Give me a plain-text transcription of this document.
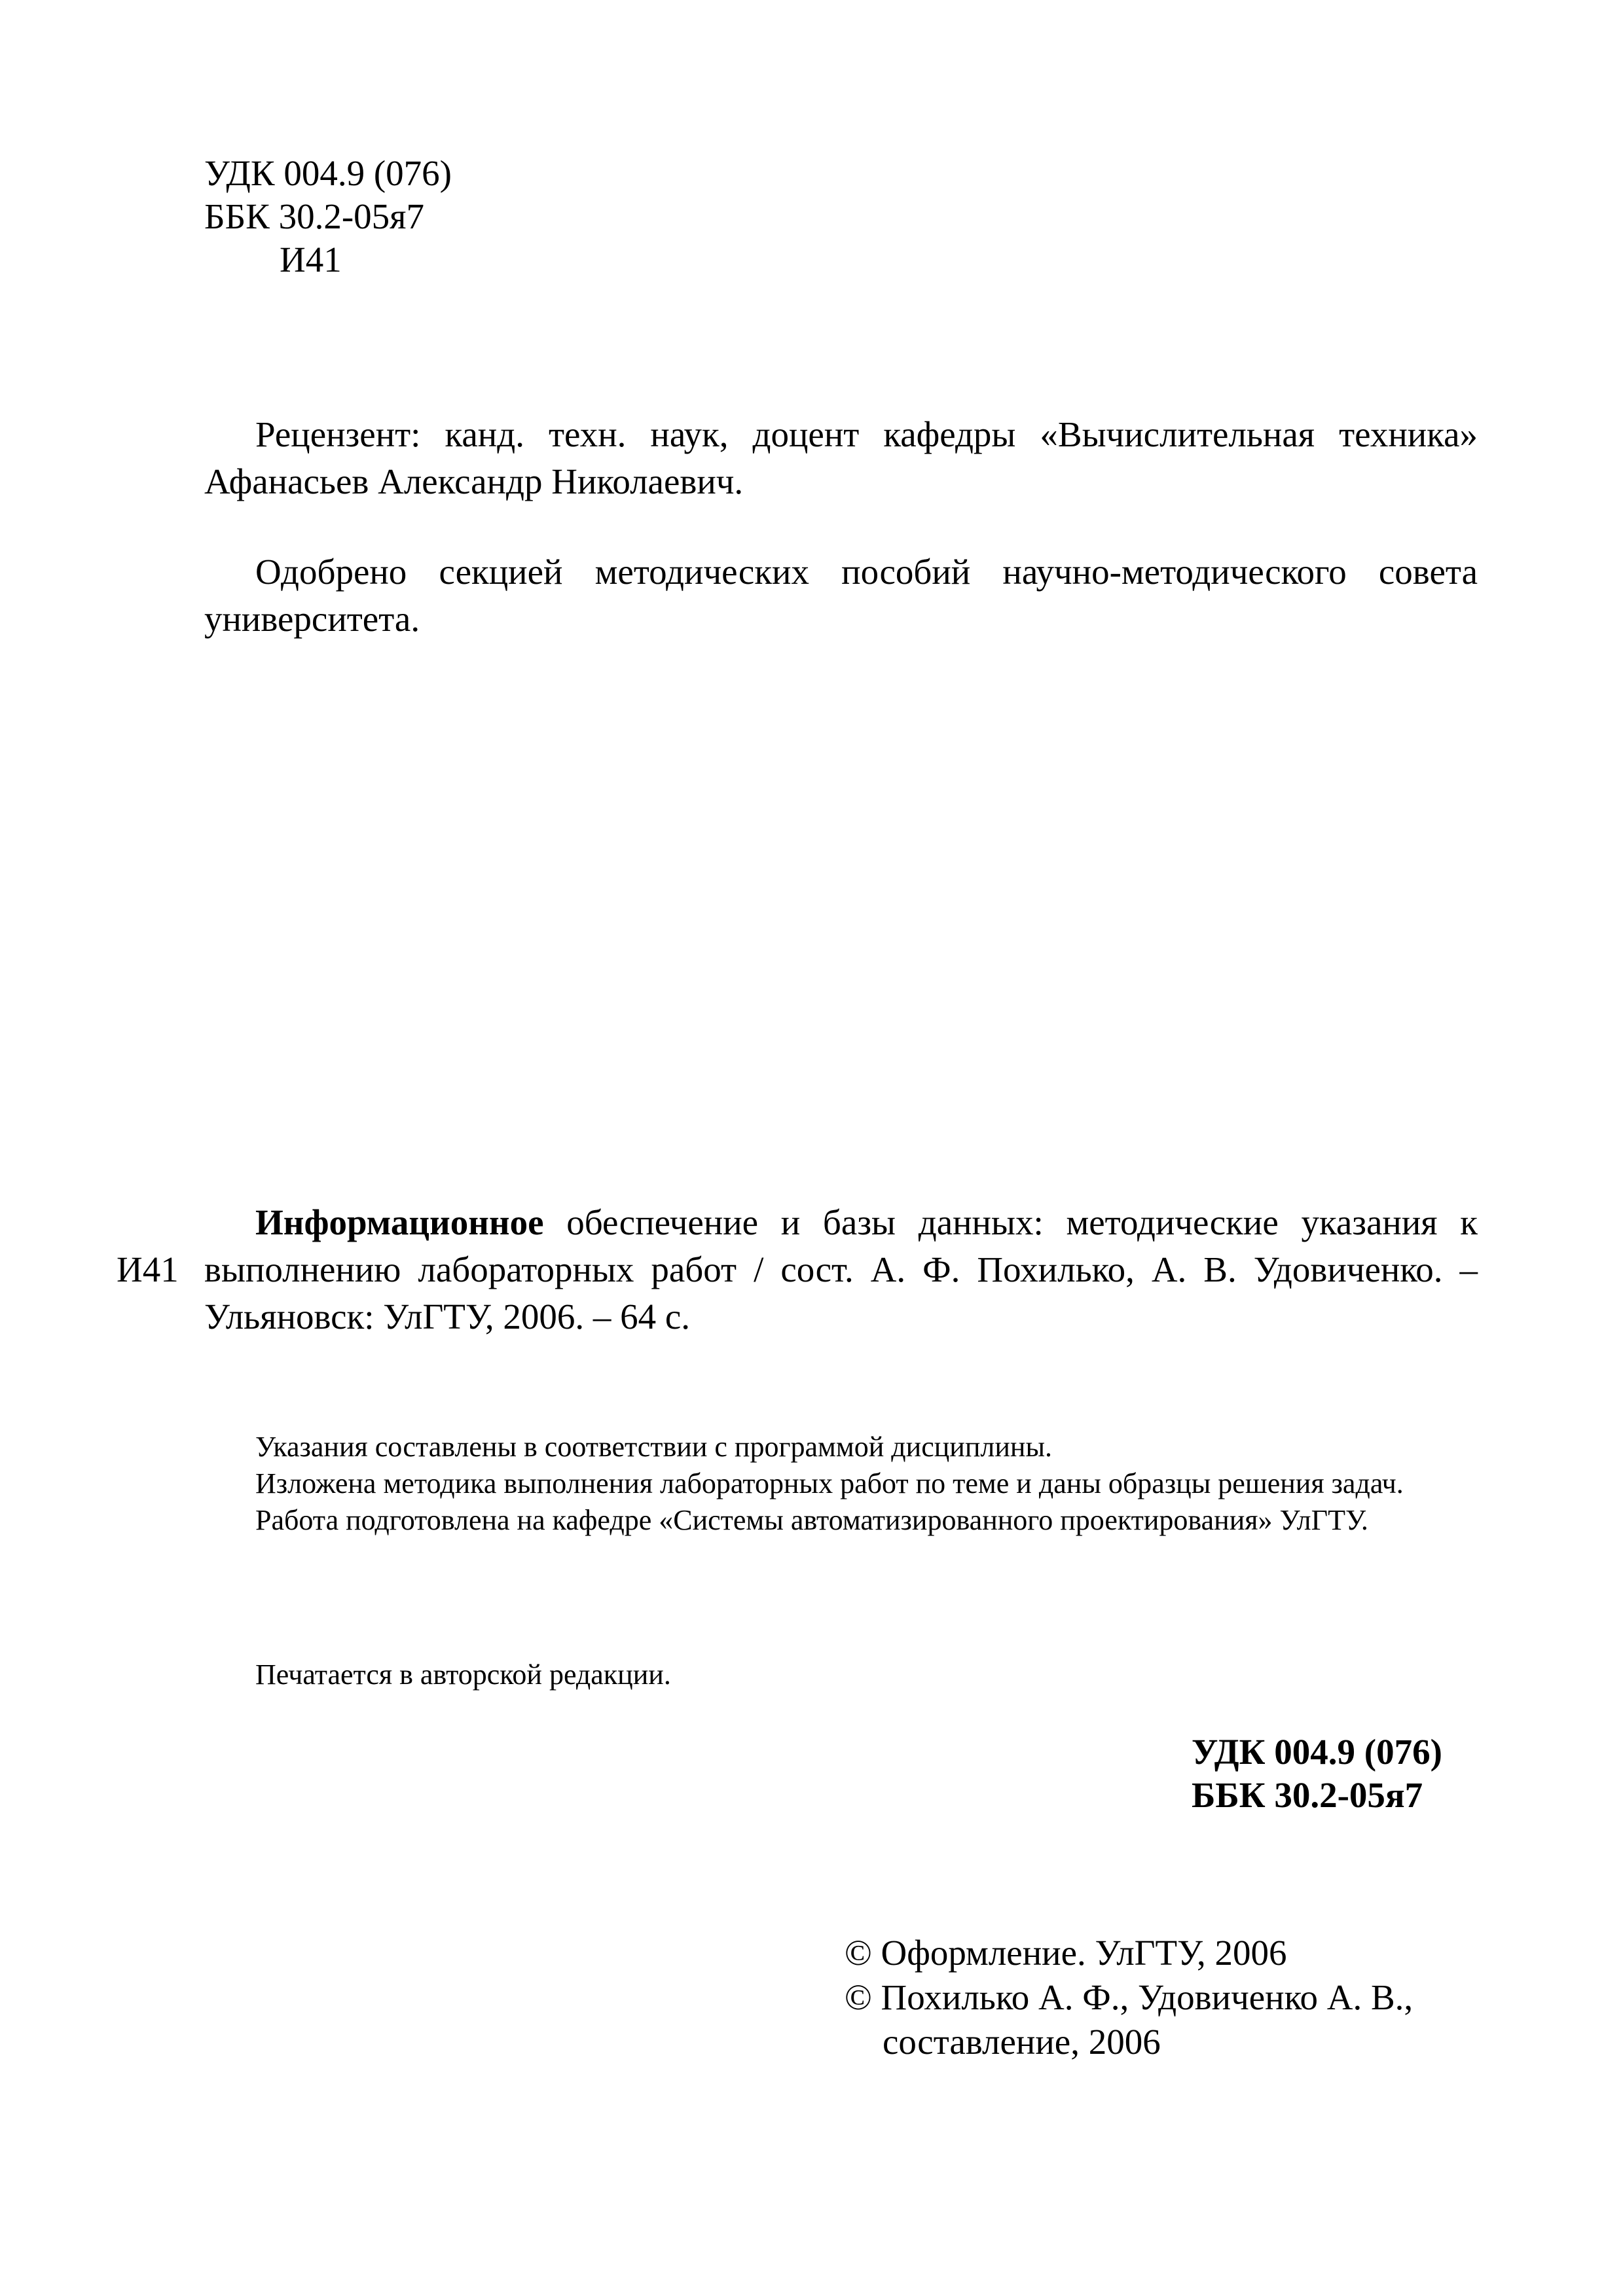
УДК 004.9 (076)
ББК 30.2-05я7
И41

Рецензент: канд. техн. наук, доцент кафедры «Вычислительная техника» Афанасьев Александр Николаевич.

Одобрено секцией методических пособий научно-методического совета университета.

И41
Информационное обеспечение и базы данных: методические указания к выполнению лабораторных работ / сост. А. Ф. Похилько, А. В. Удовиченко. – Ульяновск: УлГТУ, 2006. – 64 с.

Указания составлены в соответствии с программой дисциплины.

Изложена методика выполнения лабораторных работ по теме и даны образцы решения задач.

Работа подготовлена на кафедре «Системы автоматизированного проектирования» УлГТУ.

Печатается в авторской редакции.

УДК 004.9 (076)
ББК 30.2-05я7
© Оформление. УлГТУ, 2006
© Похилько А. Ф., Удовиченко А. В.,
составление, 2006
